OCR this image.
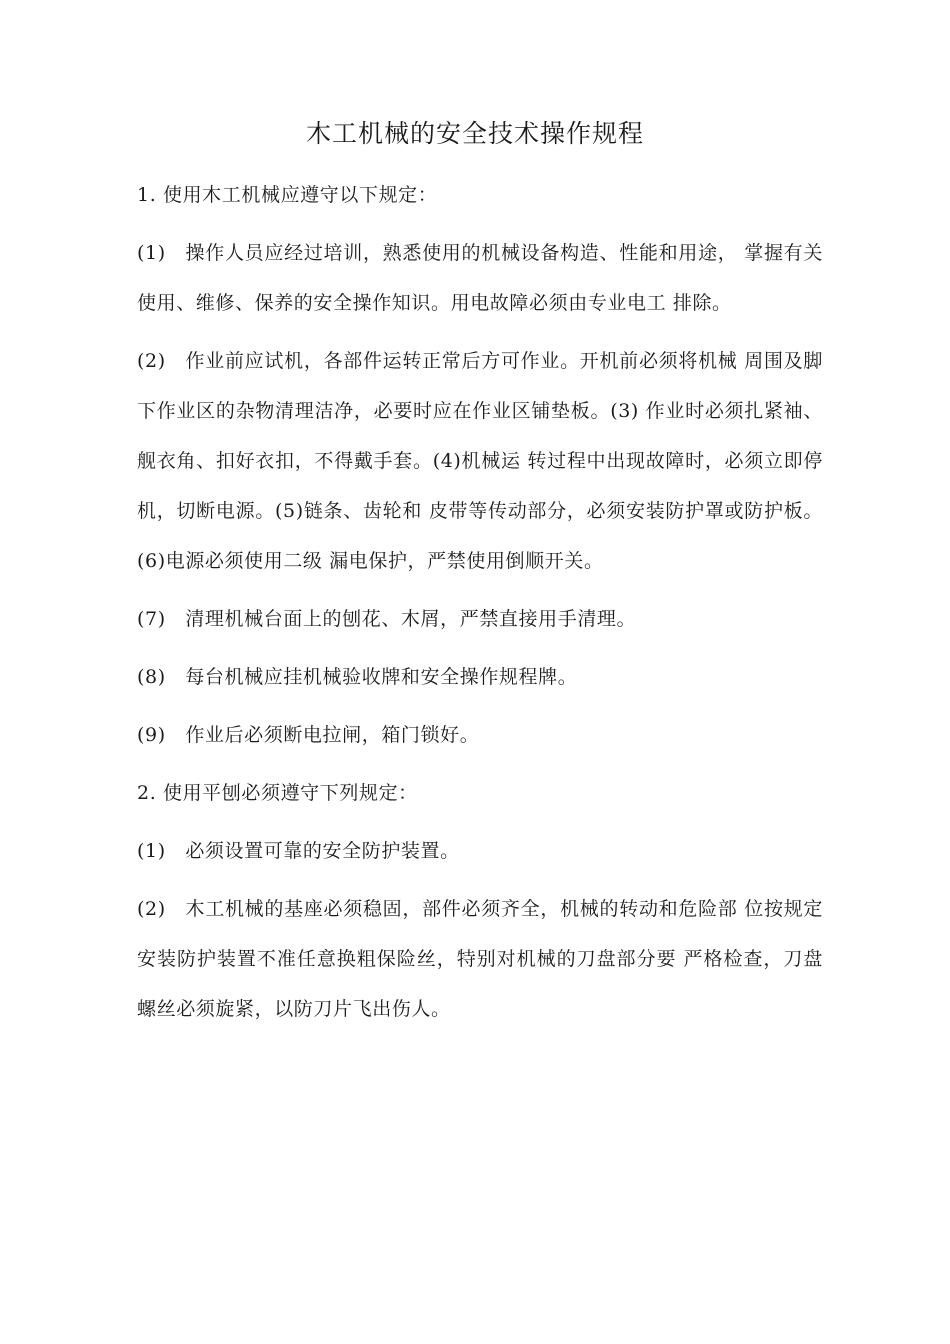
木工机械的安全技术操作规程

1. 使用木工机械应遵守以下规定：

(1)　操作人员应经过培训，熟悉使用的机械设备构造、性能和用途， 掌握有关使用、维修、保养的安全操作知识。用电故障必须由专业电工 排除。

(2)　作业前应试机，各部件运转正常后方可作业。开机前必须将机械 周围及脚下作业区的杂物清理洁净，必要时应在作业区铺垫板。(3) 作业时必须扎紧袖、舰衣角、扣好衣扣，不得戴手套。(4)机械运 转过程中出现故障时，必须立即停机，切断电源。(5)链条、齿轮和 皮带等传动部分，必须安装防护罩或防护板。(6)电源必须使用二级 漏电保护，严禁使用倒顺开关。

(7)　清理机械台面上的刨花、木屑，严禁直接用手清理。

(8)　每台机械应挂机械验收牌和安全操作规程牌。

(9)　作业后必须断电拉闸，箱门锁好。

2. 使用平刨必须遵守下列规定：

(1)　必须设置可靠的安全防护装置。

(2)　木工机械的基座必须稳固，部件必须齐全，机械的转动和危险部 位按规定安装防护装置不准任意换粗保险丝，特别对机械的刀盘部分要 严格检查，刀盘螺丝必须旋紧，以防刀片飞出伤人。
